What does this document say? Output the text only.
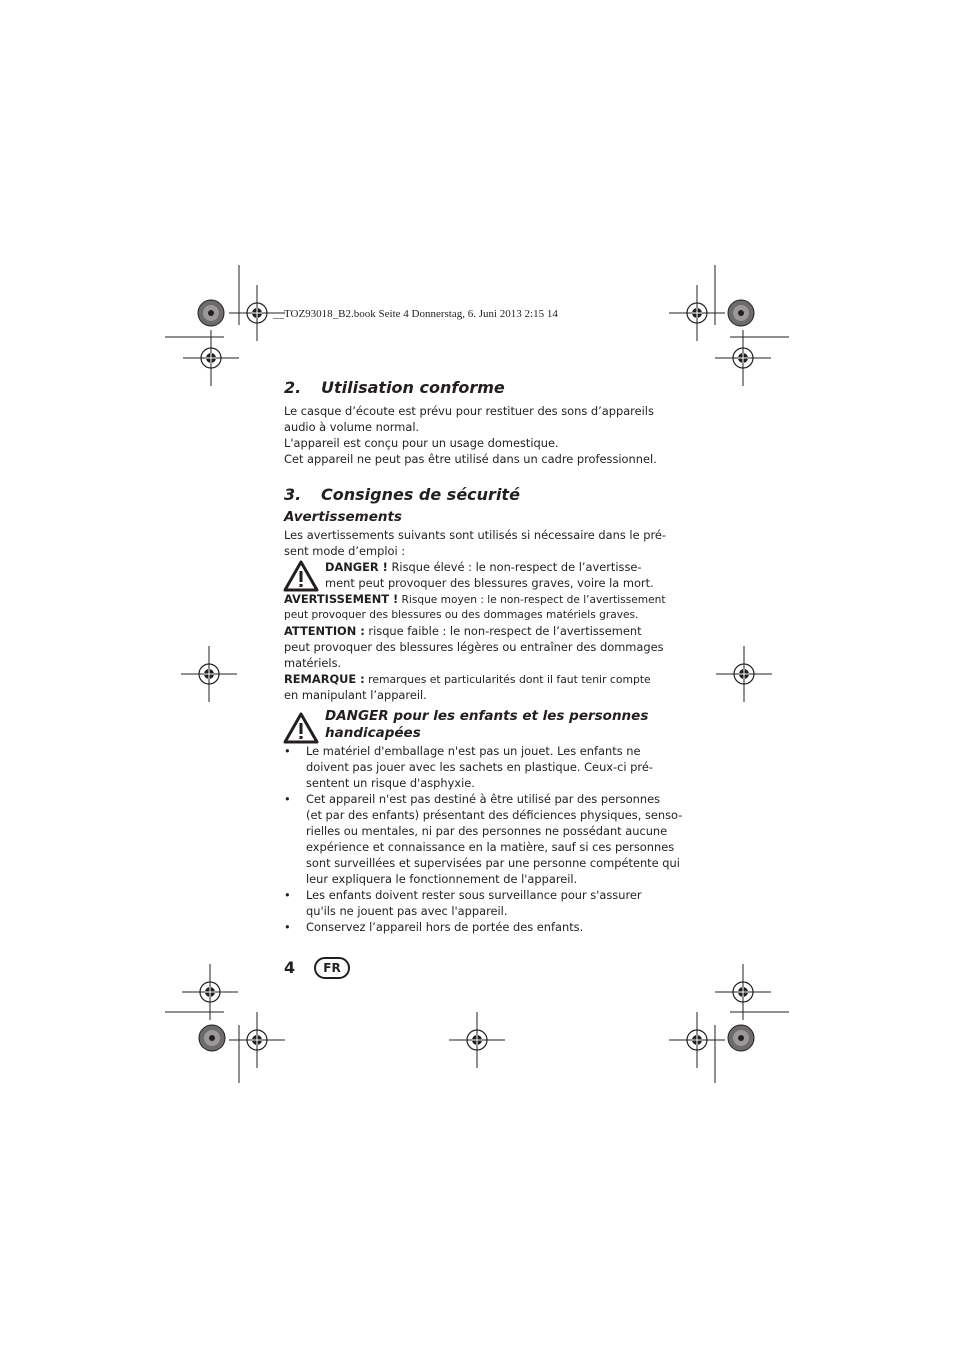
__TOZ93018_B2.book Seite 4 Donnerstag, 6. Juni 2013 2:15 14
2. Utilisation conforme
Le casque d’écoute est prévu pour restituer des sons d’appareils
audio à volume normal.
L'appareil est conçu pour un usage domestique.
Cet appareil ne peut pas être utilisé dans un cadre professionnel.
3. Consignes de sécurité
Avertissements
Les avertissements suivants sont utilisés si nécessaire dans le pré-
sent mode d’emploi :
DANGER ! Risque élevé : le non-respect de l’avertisse-
ment peut provoquer des blessures graves, voire la mort.
AVERTISSEMENT ! Risque moyen : le non-respect de l’avertissement
peut provoquer des blessures ou des dommages matériels graves.
ATTENTION : risque faible : le non-respect de l’avertissement
peut provoquer des blessures légères ou entraîner des dommages
matériels.
REMARQUE : remarques et particularités dont il faut tenir compte
en manipulant l’appareil.
DANGER pour les enfants et les personnes
handicapées
• Le matériel d'emballage n'est pas un jouet. Les enfants ne
doivent pas jouer avec les sachets en plastique. Ceux-ci pré-
sentent un risque d'asphyxie.
• Cet appareil n'est pas destiné à être utilisé par des personnes
(et par des enfants) présentant des déficiences physiques, senso-
rielles ou mentales, ni par des personnes ne possédant aucune
expérience et connaissance en la matière, sauf si ces personnes
sont surveillées et supervisées par une personne compétente qui
leur expliquera le fonctionnement de l'appareil.
• Les enfants doivent rester sous surveillance pour s'assurer
qu'ils ne jouent pas avec l'appareil.
• Conservez l’appareil hors de portée des enfants.
4	FR
